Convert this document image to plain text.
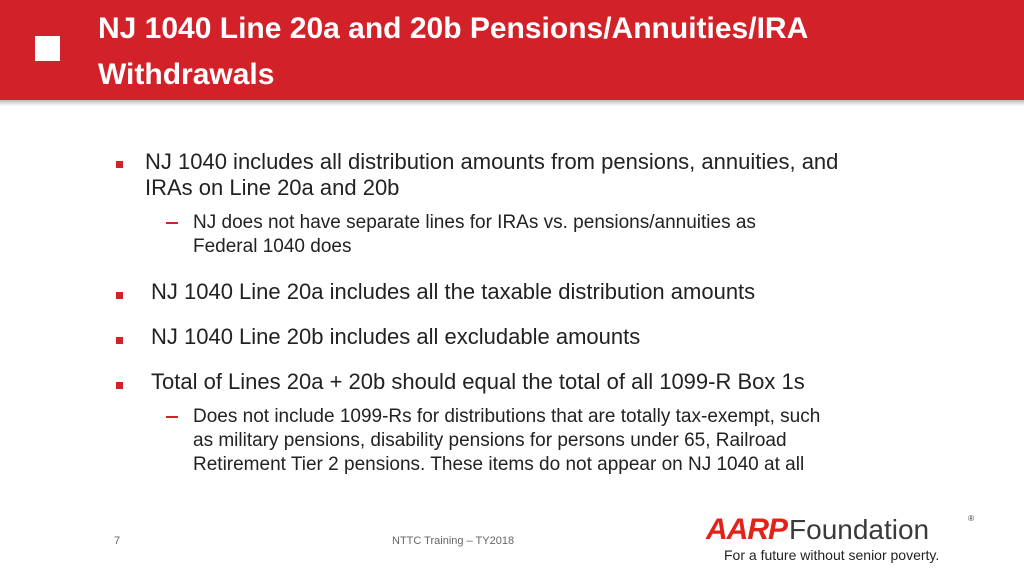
NJ 1040 Line 20a and 20b Pensions/Annuities/IRA
Withdrawals
NJ 1040 includes all distribution amounts from pensions, annuities, and
IRAs on Line 20a and 20b
NJ does not have separate lines for IRAs vs. pensions/annuities as
Federal 1040 does
NJ 1040 Line 20a includes all the taxable distribution amounts
NJ 1040 Line 20b includes all excludable amounts
Total of Lines 20a + 20b should equal the total of all 1099-R Box 1s
Does not include 1099-Rs for distributions that are totally tax-exempt, such
as military pensions, disability pensions for persons under 65, Railroad
Retirement Tier 2 pensions. These items do not appear on NJ 1040 at all
7	NTTC Training – TY2018	AARPFoundation	®
For a future without senior poverty.
